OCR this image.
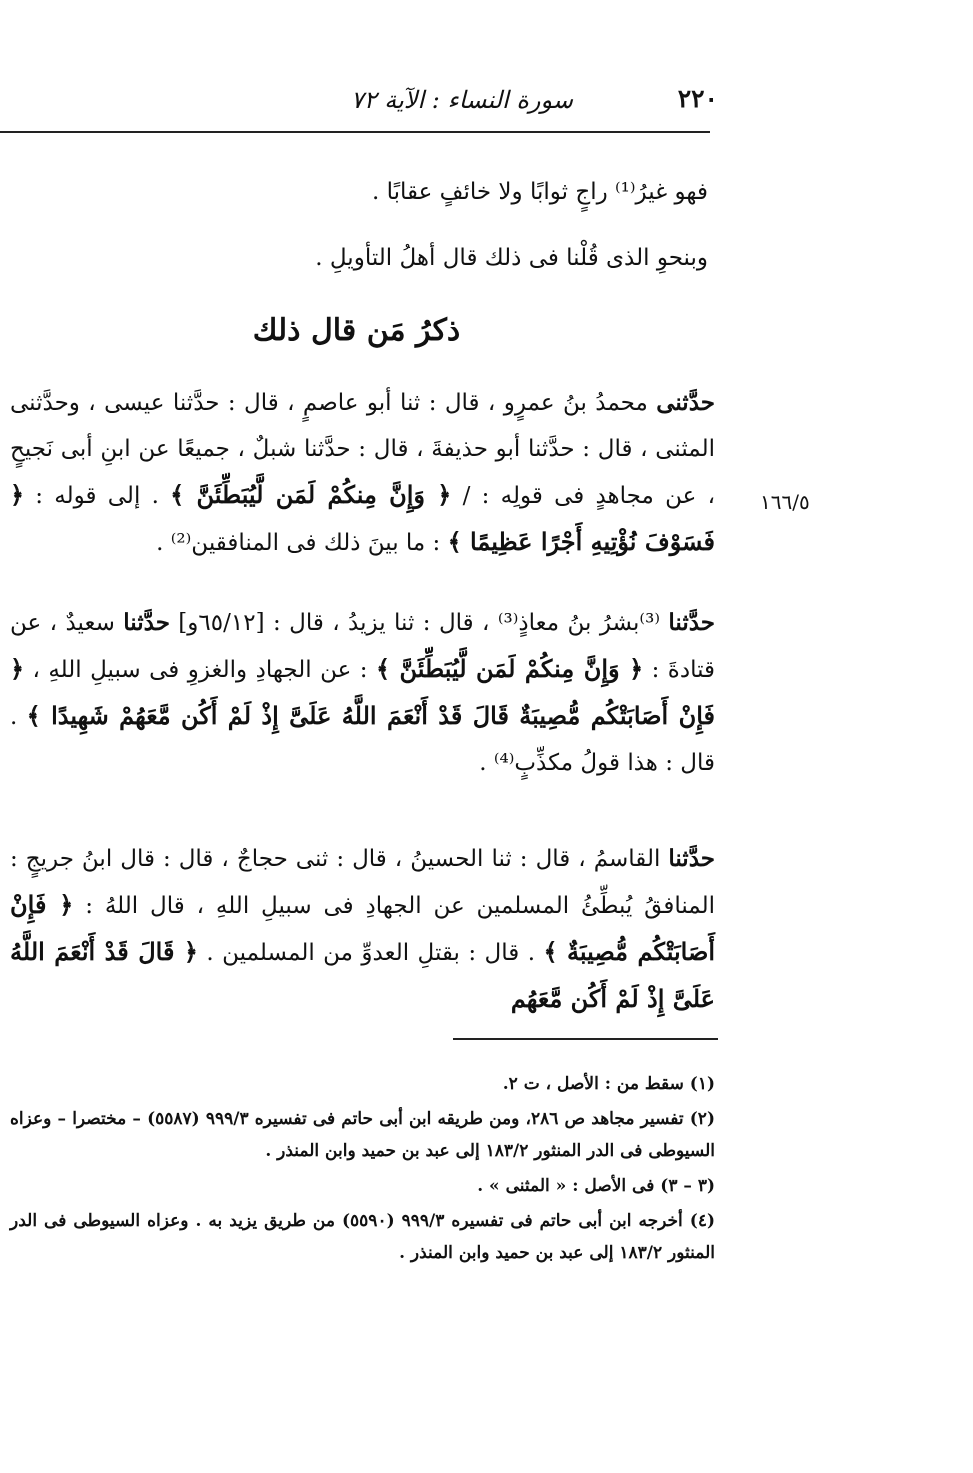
٢٢٠
سورة النساء : الآية ٧٢
فهو غيرُ⁽¹⁾ راجٍ ثوابًا ولا خائفٍ عقابًا .
وبنحوِ الذى قُلْنا فى ذلك قال أهلُ التأويلِ .
ذكرُ مَن قال ذلك
١٦٦/٥
حدَّثنى محمدُ بنُ عمرٍو ، قال : ثنا أبو عاصمٍ ، قال : حدَّثنا عيسى ، وحدَّثنى المثنى ، قال : حدَّثنا أبو حذيفةَ ، قال : حدَّثنا شبلٌ ، جميعًا عن ابنِ أبى نَجيحٍ ، عن مجاهدٍ فى قولِه : / ﴿ وَإِنَّ مِنكُمْ لَمَن لَّيُبَطِّئَنَّ ﴾ . إلى قوله : ﴿ فَسَوْفَ نُؤْتِيهِ أَجْرًا عَظِيمًا ﴾ : ما بينَ ذلك فى المنافقين⁽²⁾ .
حدَّثنا ⁽³⁾بشرُ بنُ معاذٍ⁽³⁾ ، قال : ثنا يزيدُ ، قال : [٦٥/١٢و] حدَّثنا سعيدٌ ، عن قتادةَ : ﴿ وَإِنَّ مِنكُمْ لَمَن لَّيُبَطِّئَنَّ ﴾ : عن الجهادِ والغزوِ فى سبيلِ اللهِ ، ﴿ فَإِنْ أَصَابَتْكُم مُّصِيبَةٌ قَالَ قَدْ أَنْعَمَ اللَّهُ عَلَىَّ إِذْ لَمْ أَكُن مَّعَهُمْ شَهِيدًا ﴾ . قال : هذا قولُ مكذِّبٍ⁽⁴⁾ .
حدَّثنا القاسمُ ، قال : ثنا الحسينُ ، قال : ثنى حجاجٌ ، قال : قال ابنُ جريجٍ : المنافقُ يُبطِّئُ المسلمين عن الجهادِ فى سبيلِ اللهِ ، قال اللهُ : ﴿ فَإِنْ أَصَابَتْكُم مُّصِيبَةٌ ﴾ . قال : بقتلِ العدوِّ من المسلمين . ﴿ قَالَ قَدْ أَنْعَمَ اللَّهُ عَلَىَّ إِذْ لَمْ أَكُن مَّعَهُم
(١) سقط من : الأصل ، ت ٢.
(٢) تفسير مجاهد ص ٢٨٦، ومن طريقه ابن أبى حاتم فى تفسيره ٩٩٩/٣ (٥٥٨٧) – مختصرا – وعزاه السيوطى فى الدر المنثور ١٨٣/٢ إلى عبد بن حميد وابن المنذر .
(٣ – ٣) فى الأصل : « المثنى » .
(٤) أخرجه ابن أبى حاتم فى تفسيره ٩٩٩/٣ (٥٥٩٠) من طريق يزيد به . وعزاه السيوطى فى الدر المنثور ١٨٣/٢ إلى عبد بن حميد وابن المنذر .
